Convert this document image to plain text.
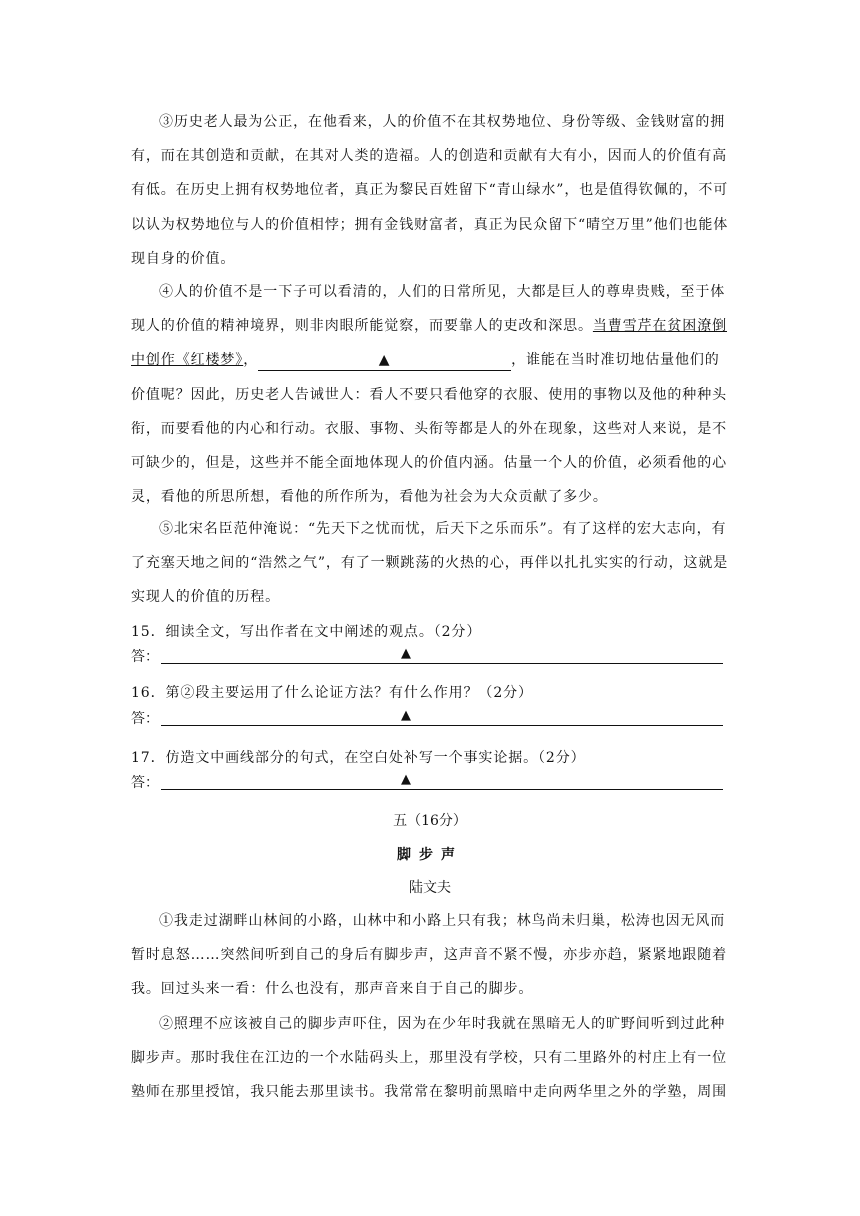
③历史老人最为公正，在他看来，人的价值不在其权势地位、身份等级、金钱财富的拥有，而在其创造和贡献，在其对人类的造福。人的创造和贡献有大有小，因而人的价值有高有低。在历史上拥有权势地位者，真正为黎民百姓留下“青山绿水”，也是值得钦佩的，不可以认为权势地位与人的价值相悖；拥有金钱财富者，真正为民众留下“晴空万里”他们也能体现自身的价值。

④人的价值不是一下子可以看清的，人们的日常所见，大都是巨人的尊卑贵贱，至于体现人的价值的精神境界，则非肉眼所能觉察，而要靠人的吏改和深思。当曹雪芹在贫困潦倒中创作《红楼梦》，	▲	，谁能在当时准切地估量他们的价值呢？因此，历史老人告诫世人：看人不要只看他穿的衣服、使用的事物以及他的种种头衔，而要看他的内心和行动。衣服、事物、头衔等都是人的外在现象，这些对人来说，是不可缺少的，但是，这些并不能全面地体现人的价值内涵。估量一个人的价值，必须看他的心灵，看他的所思所想，看他的所作所为，看他为社会为大众贡献了多少。

⑤北宋名臣范仲淹说：“先天下之忧而忧，后天下之乐而乐”。有了这样的宏大志向，有了充塞天地之间的“浩然之气”，有了一颗跳荡的火热的心，再伴以扎扎实实的行动，这就是实现人的价值的历程。

15．细读全文，写出作者在文中阐述的观点。（2分）
答：	▲
16．第②段主要运用了什么论证方法？有什么作用？（2分）
答：	▲
17．仿造文中画线部分的句式，在空白处补写一个事实论据。（2分）
答：	▲
五（16分）
脚步声
陆文夫

①我走过湖畔山林间的小路，山林中和小路上只有我；林鸟尚未归巢，松涛也因无风而暂时息怒……突然间听到自己的身后有脚步声，这声音不紧不慢，亦步亦趋，紧紧地跟随着我。回过头来一看：什么也没有，那声音来自于自己的脚步。

②照理不应该被自己的脚步声吓住，因为在少年时我就在黑暗无人的旷野间听到过此种脚步声。那时我住在江边的一个水陆码头上，那里没有学校，只有二里路外的村庄上有一位塾师在那里授馆，我只能去那里读书。我常常在黎明前黑暗中走向两华里之外的学塾，周围
